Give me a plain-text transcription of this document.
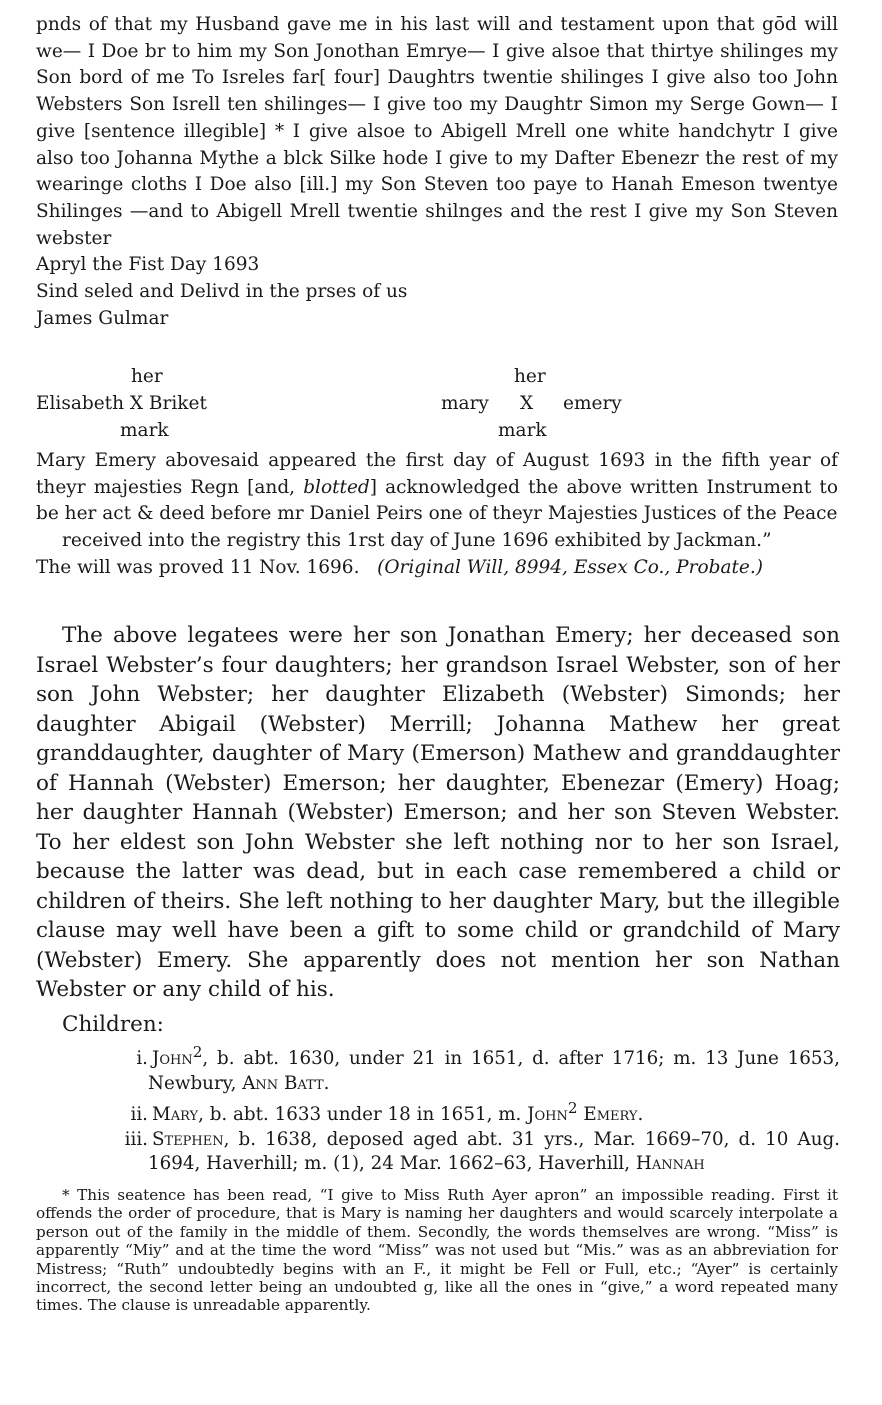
pnds of that my Husband gave me in his last will and testament upon that gōd will we— I Doe br to him my Son Jonothan Emrye— I give alsoe that thirtye shilinges my Son bord of me To Isreles far[ four] Daughtrs twentie shilinges I give also too John Websters Son Isrell ten shilinges— I give too my Daughtr Simon my Serge Gown— I give [sentence illegible] * I give alsoe to Abigell Mrell one white handchytr I give also too Johanna Mythe a blck Silke hode I give to my Dafter Ebenezr the rest of my wearinge cloths I Doe also [ill.] my Son Steven too paye to Hanah Emeson twentye Shilinges —and to Abigell Mrell twentie shilnges and the rest I give my Son Steven webster

Apryl the Fist Day 1693

Sind seled and Delivd in the prses of us

James Gulmar

her	her
Elisabeth X Briket	mary X emery
mark	mark

Mary Emery abovesaid appeared the first day of August 1693 in the fifth year of theyr majesties Regn [and, blotted] acknowledged the above written Instrument to be her act & deed before mr Daniel Peirs one of theyr Majesties Justices of the Peace

received into the registry this 1rst day of June 1696 exhibited by Jackman.”

The will was proved 11 Nov. 1696. (Original Will, 8994, Essex Co., Probate.)

The above legatees were her son Jonathan Emery; her deceased son Israel Webster’s four daughters; her grandson Israel Webster, son of her son John Webster; her daughter Elizabeth (Webster) Simonds; her daughter Abigail (Webster) Merrill; Johanna Mathew her great granddaughter, daughter of Mary (Emerson) Mathew and granddaughter of Hannah (Webster) Emerson; her daughter, Ebenezar (Emery) Hoag; her daughter Hannah (Webster) Emerson; and her son Steven Webster. To her eldest son John Webster she left nothing nor to her son Israel, because the latter was dead, but in each case remembered a child or children of theirs. She left nothing to her daughter Mary, but the illegible clause may well have been a gift to some child or grandchild of Mary (Webster) Emery. She apparently does not mention her son Nathan Webster or any child of his.

Children:
i. John$^2$, b. abt. 1630, under 21 in 1651, d. after 1716; m. 13 June 1653, Newbury, Ann Batt.
ii. Mary, b. abt. 1633 under 18 in 1651, m. John$^2$ Emery.
iii. Stephen, b. 1638, deposed aged abt. 31 yrs., Mar. 1669–70, d. 10 Aug. 1694, Haverhill; m. (1), 24 Mar. 1662–63, Haverhill, Hannah

* This seatence has been read, “I give to Miss Ruth Ayer apron” an impossible reading. First it offends the order of procedure, that is Mary is naming her daughters and would scarcely interpolate a person out of the family in the middle of them. Secondly, the words themselves are wrong. “Miss” is apparently “Miy” and at the time the word “Miss” was not used but “Mis.” was as an abbreviation for Mistress; “Ruth” undoubtedly begins with an F., it might be Fell or Full, etc.; “Ayer” is certainly incorrect, the second letter being an undoubted g, like all the ones in “give,” a word repeated many times. The clause is unreadable apparently.
